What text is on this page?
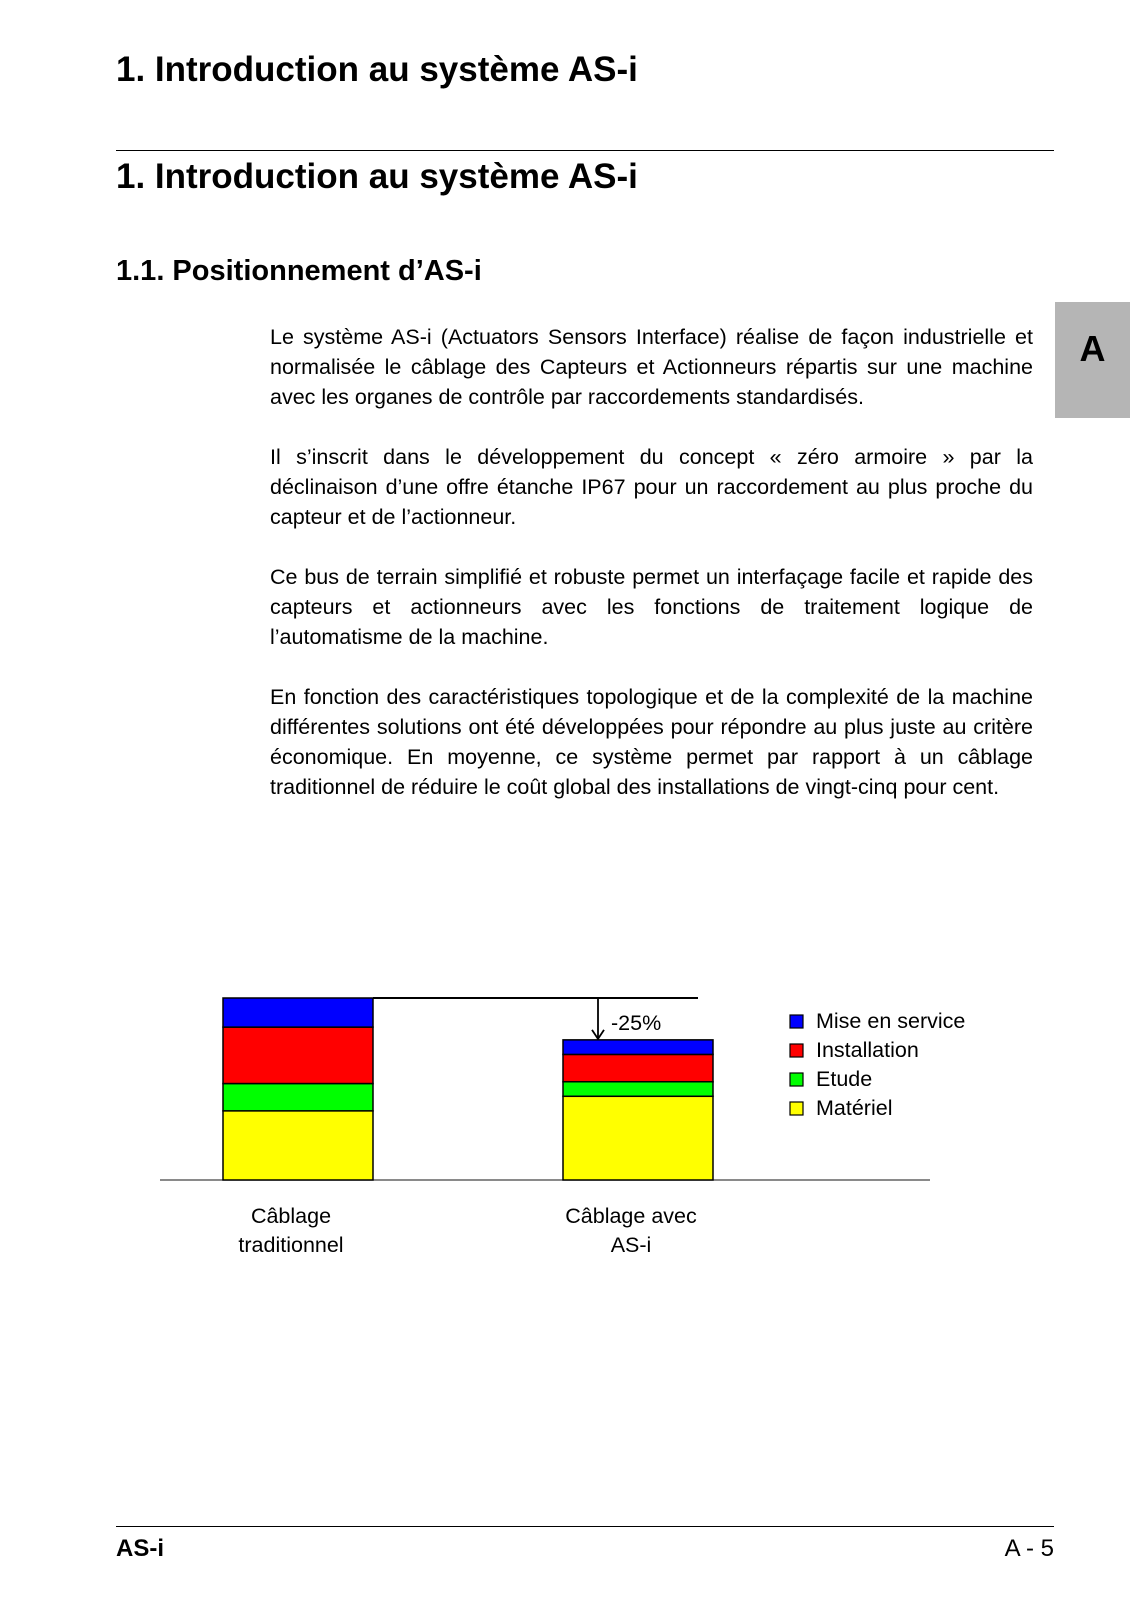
1. Introduction au système AS-i
1. Introduction au système AS-i
1.1. Positionnement d’AS-i
A

Le système AS-i (Actuators Sensors Interface) réalise de façon industrielle et normalisée le câblage des Capteurs et Actionneurs répartis sur une machine avec les organes de contrôle par raccordements standardisés.

Il s’inscrit dans le développement du concept « zéro armoire » par la déclinaison d’une offre étanche IP67 pour un raccordement au plus proche du capteur et de l’actionneur.

Ce bus de terrain simplifié et robuste permet un interfaçage facile et rapide des capteurs et actionneurs avec les fonctions de traitement logique de l’automatisme de la machine.

En fonction des caractéristiques topologique et de la complexité de la machine différentes solutions ont été développées pour répondre au plus juste au critère économique. En moyenne, ce système permet par rapport à un câblage traditionnel de réduire le coût global des installations de vingt-cinq pour cent.

Câblage
traditionnel
Câblage avec
AS-i
-25%	Mise en service
Installation
Etude
Matériel
AS-i	A - 5
